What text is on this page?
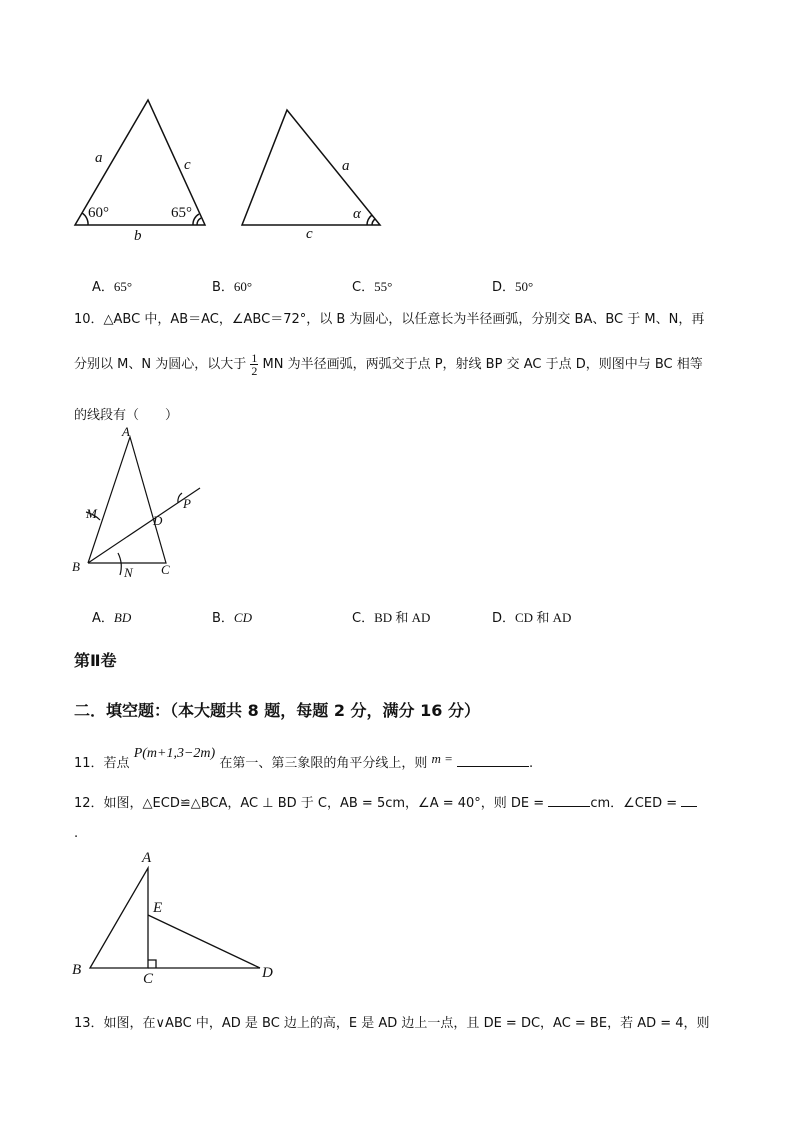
a	c
b
60°	65°
a
c
α
A．65°	B．60°	C．55°	D．50°
10．△ABC 中，AB＝AC，∠ABC＝72°，以 B 为圆心，以任意长为半径画弧，分别交 BA、BC 于 M、N，再
分别以 M、N 为圆心，以大于 $\frac{1}{2}$ MN 为半径画弧，两弧交于点 P，射线 BP 交 AC 于点 D，则图中与 BC 相等
的线段有（　　）
A
M	D
P
B	N C
A．BD	B．CD	C．BD 和 AD	D．CD 和 AD
第Ⅱ卷
二．填空题：（本大题共 8 题，每题 2 分，满分 16 分）
11．若点 P(m+1,3−2m) 在第一、第三象限的角平分线上，则 m =	.
12．如图，△ECD≌△BCA，AC ⊥ BD 于 C，AB = 5cm，∠A = 40°，则 DE =	cm．∠CED =
.
A
E
B
C	D
13．如图，在∨ABC 中，AD 是 BC 边上的高，E 是 AD 边上一点，且 DE = DC，AC = BE，若 AD = 4，则
